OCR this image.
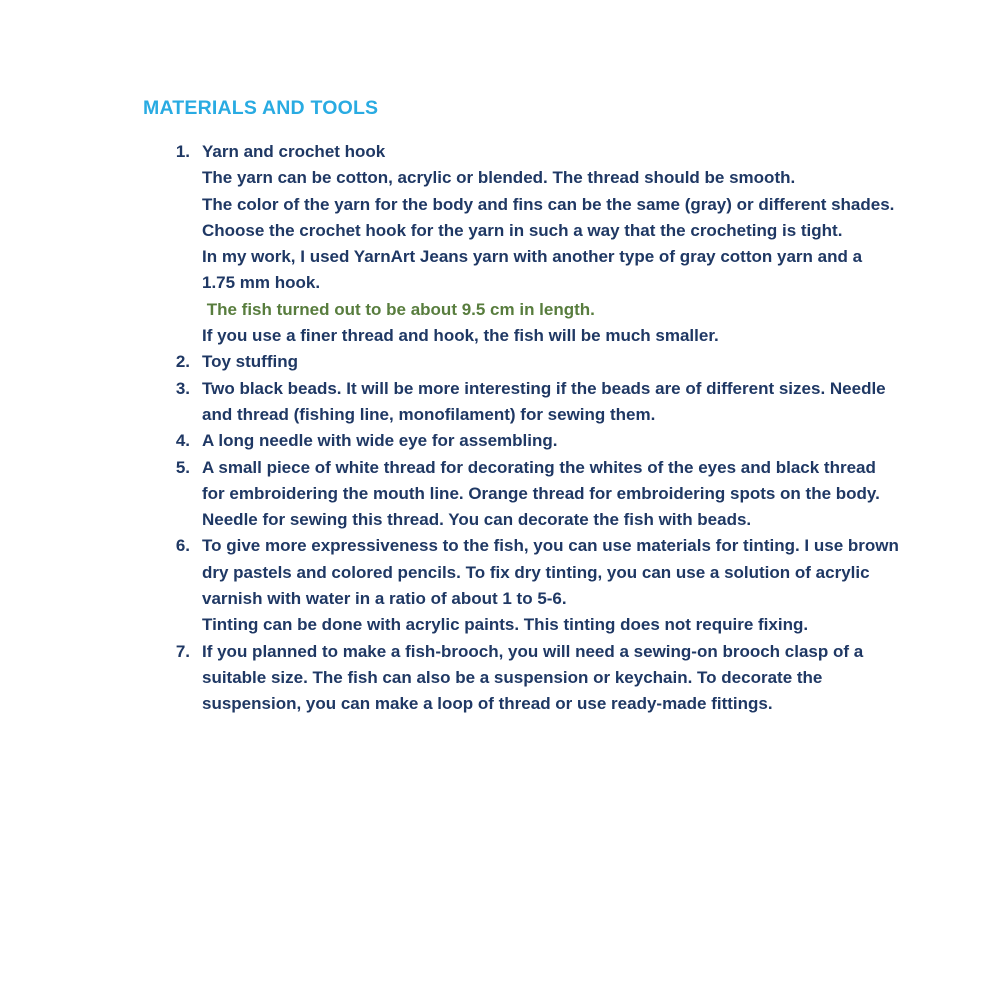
MATERIALS AND TOOLS
1. Yarn and crochet hook
The yarn can be cotton, acrylic or blended. The thread should be smooth.
The color of the yarn for the body and fins can be the same (gray) or different shades.
Choose the crochet hook for the yarn in such a way that the crocheting is tight.
In my work, I used YarnArt Jeans yarn with another type of gray cotton yarn and a
1.75 mm hook.
The fish turned out to be about 9.5 cm in length.
If you use a finer thread and hook, the fish will be much smaller.
2. Toy stuffing
3. Two black beads. It will be more interesting if the beads are of different sizes. Needle
and thread (fishing line, monofilament) for sewing them.
4. A long needle with wide eye for assembling.
5. A small piece of white thread for decorating the whites of the eyes and black thread
for embroidering the mouth line. Orange thread for embroidering spots on the body.
Needle for sewing this thread. You can decorate the fish with beads.
6. To give more expressiveness to the fish, you can use materials for tinting. I use brown
dry pastels and colored pencils. To fix dry tinting, you can use a solution of acrylic
varnish with water in a ratio of about 1 to 5-6.
Tinting can be done with acrylic paints. This tinting does not require fixing.
7. If you planned to make a fish-brooch, you will need a sewing-on brooch clasp of a
suitable size. The fish can also be a suspension or keychain. To decorate the
suspension, you can make a loop of thread or use ready-made fittings.
